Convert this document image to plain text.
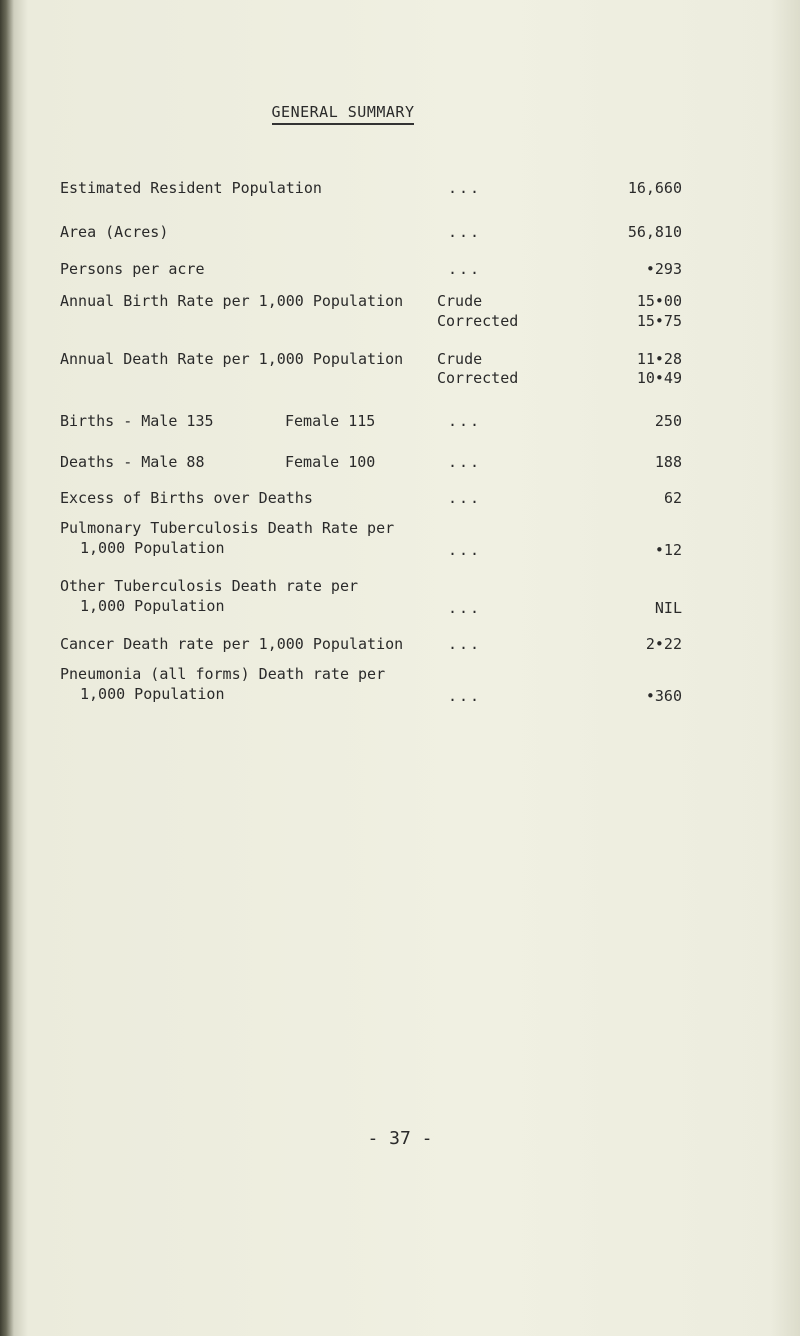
GENERAL SUMMARY
Estimated Resident Population	...	16,660
Area (Acres)	...	56,810
Persons per acre	...	•293
Annual Birth Rate per 1,000 Population Crude	15•00
Corrected	15•75
Annual Death Rate per 1,000 Population Crude	11•28
Corrected	10•49
Births - Male 135	Female 115	...	250
Deaths - Male 88	Female 100	...	188
Excess of Births over Deaths	...	62
Pulmonary Tuberculosis Death Rate per
1,000 Population	...	•12
Other Tuberculosis Death rate per
1,000 Population	...	NIL
Cancer Death rate per 1,000 Population	...	2•22
Pneumonia (all forms) Death rate per
1,000 Population	...	•360
- 37 -
